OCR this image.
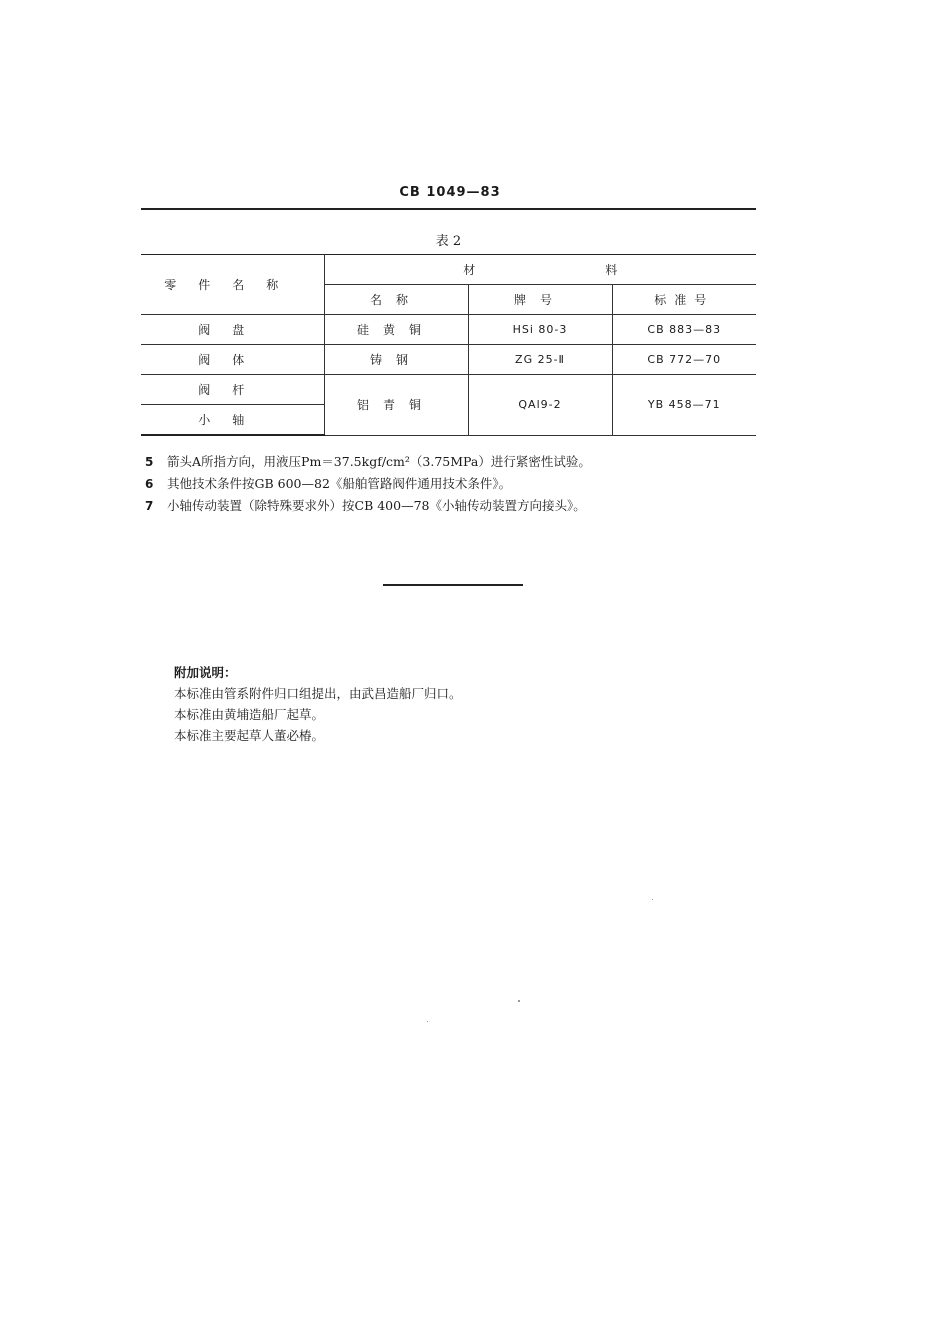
CB 1049—83
表 2
零件名称	材料		
	名称	牌号	标准号
阀盘	硅黄铜	HSi 80-3	CB 883—83
阀体	铸钢	ZG 25-Ⅱ	CB 772—70
阀杆	铝青铜	QAl9-2	YB 458—71
小轴			
5	箭头A所指方向，用液压Pm＝37.5kgf/cm²（3.75MPa）进行紧密性试验。
6	其他技术条件按GB 600—82《船舶管路阀件通用技术条件》。
7	小轴传动装置（除特殊要求外）按CB 400—78《小轴传动装置方向接头》。
附加说明：
本标准由管系附件归口组提出，由武昌造船厂归口。
本标准由黄埔造船厂起草。
本标准主要起草人董必椿。
